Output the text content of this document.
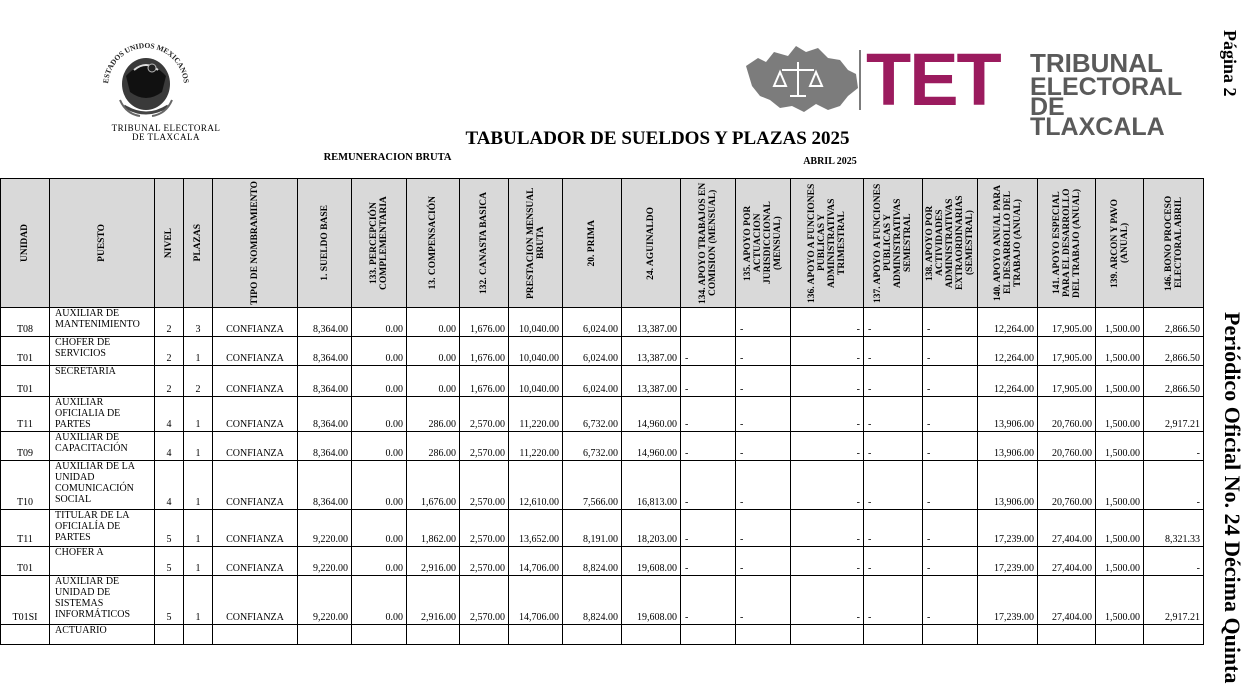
ESTADOS UNIDOS MEXICANOS
TRIBUNAL ELECTORAL
DE TLAXCALA
TET TRIBUNAL
ELECTORAL
DE TLAXCALA
Página 2
Periódico Oficial No. 24 Décima Quinta
TABULADOR DE SUELDOS Y PLAZAS 2025
REMUNERACION BRUTA	ABRIL 2025
UNIDAD	PUESTO	NIVEL	PLAZAS	TIPO DE NOMBRAMIENTO	1. SUELDO BASE	133. PERCEPCIÓN COMPLEMENTARIA	13. COMPENSACIÓN	132. CANASTA BASICA	PRESTACION MENSUAL BRUTA	20. PRIMA	24. AGUINALDO	134. APOYO TRABAJOS EN COMISION (MENSUAL)	135. APOYO POR ACTUACION JURISDICCIONAL (MENSUAL)	136. APOYO A FUNCIONES PUBLICAS Y ADMINISTRATIVAS TRIMESTRAL	137. APOYO A FUNCIONES PUBLICAS Y ADMINISTRATIVAS SEMESTRAL	138. APOYO POR ACTIVIDADES ADMINISTRATIVAS EXTRAORDINARIAS (SEMESTRAL)	140. APOYO ANUAL PARA EL DESARROLLO DEL TRABAJO (ANUAL)	141. APOYO ESPECIAL PARA EL DESARROLLO DEL TRABAJO (ANUAL)	139. ARCON Y PAVO (ANUAL)	146. BONO PROCESO ELECTORAL ABRIL

T08	AUXILIAR DE MANTENIMIENTO	2	3	CONFIANZA	8,364.00	0.00	0.00	1,676.00	10,040.00	6,024.00	13,387.00		-	-	-	-	12,264.00	17,905.00	1,500.00	2,866.50
T01	CHOFER DE SERVICIOS	2	1	CONFIANZA	8,364.00	0.00	0.00	1,676.00	10,040.00	6,024.00	13,387.00	-	-	-	-	-	12,264.00	17,905.00	1,500.00	2,866.50
T01	SECRETARIA	2	2	CONFIANZA	8,364.00	0.00	0.00	1,676.00	10,040.00	6,024.00	13,387.00	-	-	-	-	-	12,264.00	17,905.00	1,500.00	2,866.50
T11	AUXILIAR OFICIALIA DE PARTES	4	1	CONFIANZA	8,364.00	0.00	286.00	2,570.00	11,220.00	6,732.00	14,960.00	-	-	-	-	-	13,906.00	20,760.00	1,500.00	2,917.21
T09	AUXILIAR DE CAPACITACIÓN	4	1	CONFIANZA	8,364.00	0.00	286.00	2,570.00	11,220.00	6,732.00	14,960.00	-	-	-	-	-	13,906.00	20,760.00	1,500.00	-
T10	AUXILIAR DE LA UNIDAD COMUNICACIÓN SOCIAL	4	1	CONFIANZA	8,364.00	0.00	1,676.00	2,570.00	12,610.00	7,566.00	16,813.00	-	-	-	-	-	13,906.00	20,760.00	1,500.00	-
T11	TITULAR DE LA OFICIALÍA DE PARTES	5	1	CONFIANZA	9,220.00	0.00	1,862.00	2,570.00	13,652.00	8,191.00	18,203.00	-	-	-	-	-	17,239.00	27,404.00	1,500.00	8,321.33
T01	CHOFER A	5	1	CONFIANZA	9,220.00	0.00	2,916.00	2,570.00	14,706.00	8,824.00	19,608.00	-	-	-	-	-	17,239.00	27,404.00	1,500.00	-
T01SI	AUXILIAR DE UNIDAD DE SISTEMAS INFORMÁTICOS	5	1	CONFIANZA	9,220.00	0.00	2,916.00	2,570.00	14,706.00	8,824.00	19,608.00	-	-	-	-	-	17,239.00	27,404.00	1,500.00	2,917.21
	ACTUARIO																			
